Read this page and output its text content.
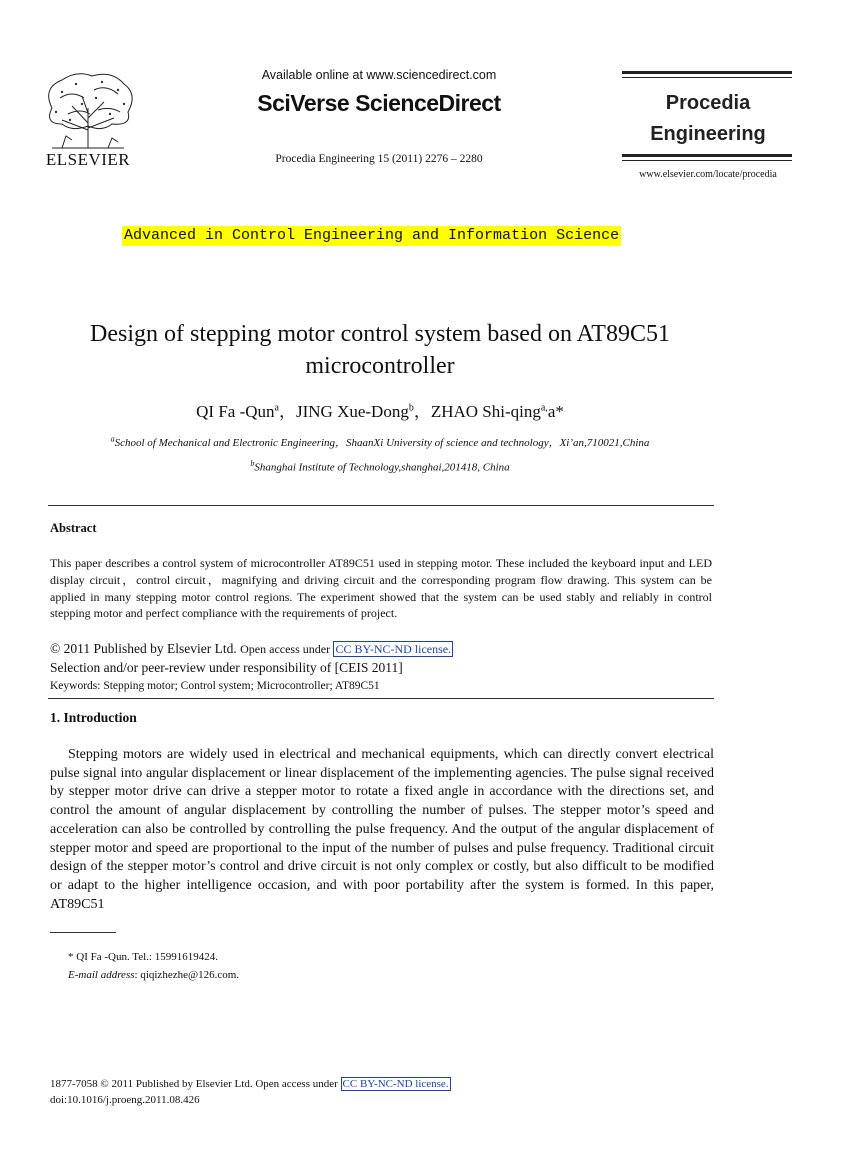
ELSEVIER
Available online at www.sciencedirect.com
SciVerse ScienceDirect
Procedia Engineering 15 (2011) 2276 – 2280
Procedia
Engineering
www.elsevier.com/locate/procedia
Advanced in Control Engineering and Information Science
Design of stepping motor control system based on AT89C51
microcontroller
QI Fa -Qun$^a$，JING Xue-Dong$^b$，ZHAO Shi-qing$^{a,}$a*
$^a$School of Mechanical and Electronic Engineering，ShaanXi University of science and technology，Xi’an,710021,China
$^b$Shanghai Institute of Technology,shanghai,201418, China
Abstract
This paper describes a control system of microcontroller AT89C51 used in stepping motor. These included the keyboard input and LED display circuit，control circuit，magnifying and driving circuit and the corresponding program flow drawing. This system can be applied in many stepping motor control regions. The experiment showed that the system can be used stably and reliably in control stepping motor and perfect compliance with the requirements of project.
© 2011 Published by Elsevier Ltd. Open access under CC BY-NC-ND license.
Selection and/or peer-review under responsibility of [CEIS 2011]
Keywords: Stepping motor; Control system; Microcontroller; AT89C51
1. Introduction

Stepping motors are widely used in electrical and mechanical equipments, which can directly convert electrical pulse signal into angular displacement or linear displacement of the implementing agencies. The pulse signal received by stepper motor drive can drive a stepper motor to rotate a fixed angle in accordance with the directions set, and control the amount of angular displacement by controlling the number of pulses. The stepper motor’s speed and acceleration can also be controlled by controlling the pulse frequency. And the output of the angular displacement of stepper motor and speed are proportional to the input of the number of pulses and pulse frequency. Traditional circuit design of the stepper motor’s control and drive circuit is not only complex or costly, but also difficult to be modified or adapt to the higher intelligence occasion, and with poor portability after the system is formed. In this paper, AT89C51

* QI Fa -Qun. Tel.: 15991619424.
E-mail address: qiqizhezhe@126.com.
1877-7058 © 2011 Published by Elsevier Ltd. Open access under CC BY-NC-ND license.
doi:10.1016/j.proeng.2011.08.426
